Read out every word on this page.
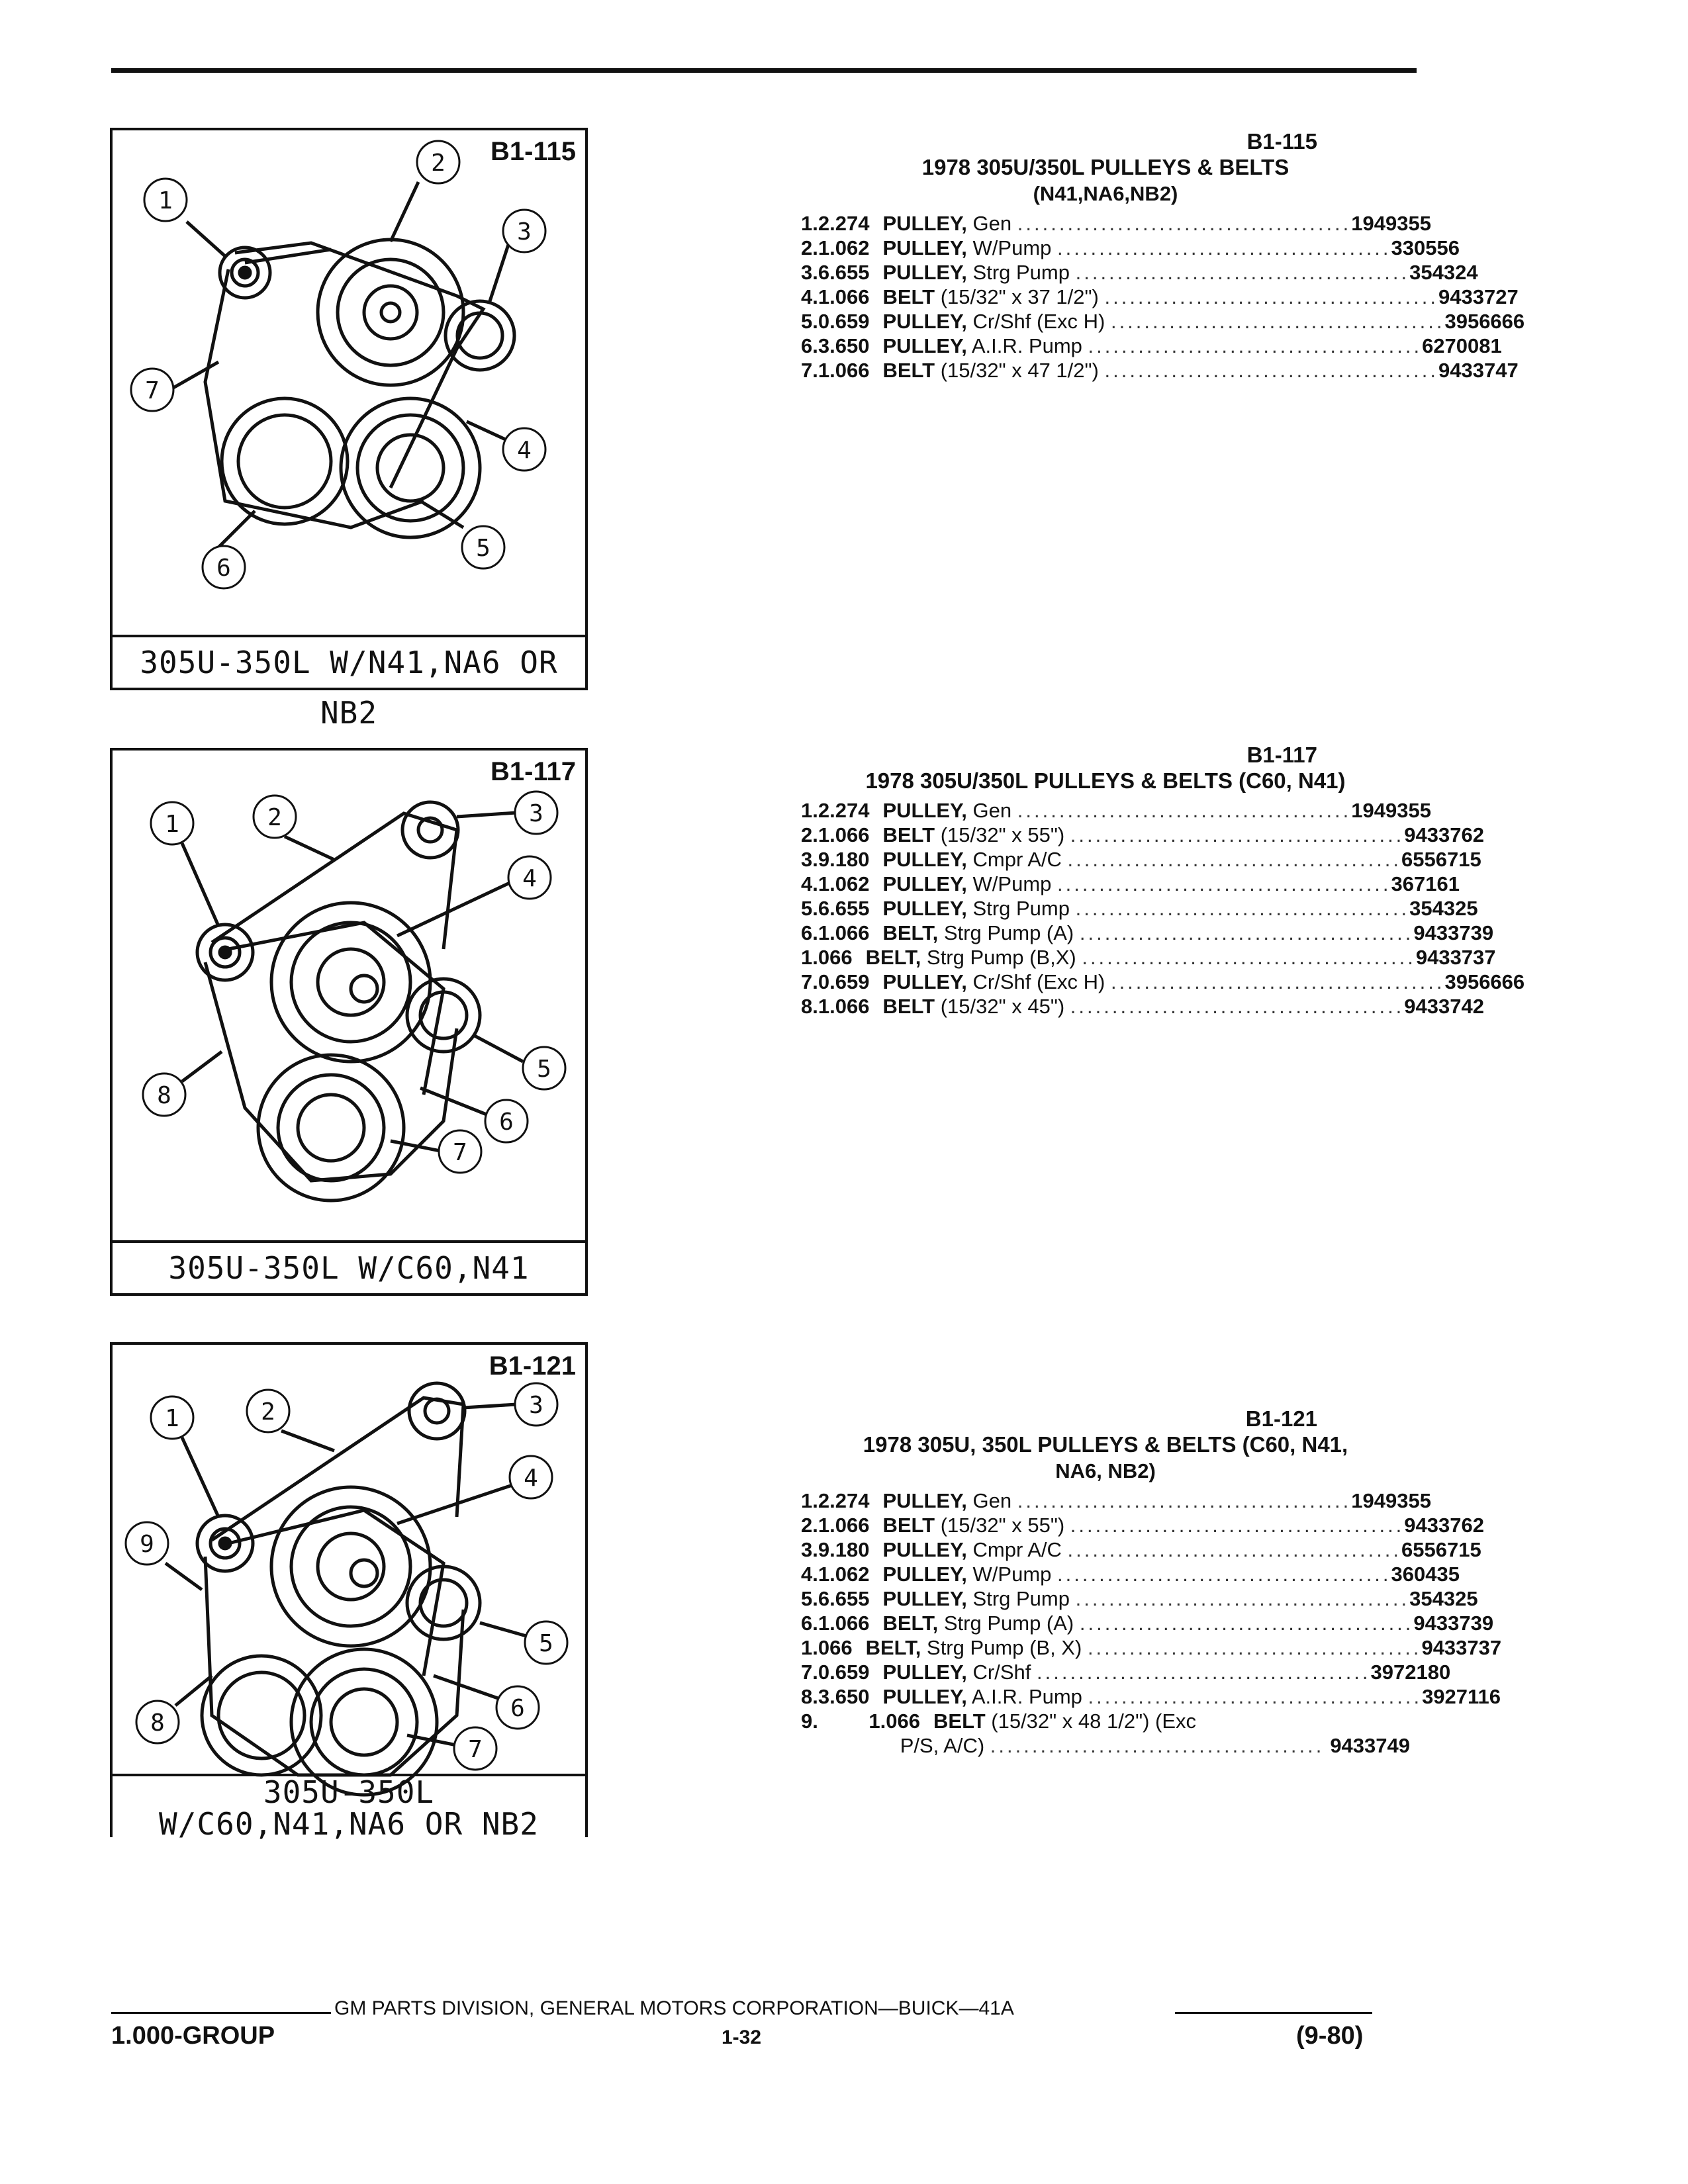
1
2
3
4
5
6
7
B1-115
305U-350L W/N41,NA6 OR NB2
1	2	3
4
5
6
7
8
B1-117
305U-350L W/C60,N41
1	2	3
4
5
6
7
8
9
B1-121
305U-350L
W/C60,N41,NA6 OR NB2
B1-115
1978 305U/350L PULLEYS & BELTS
(N41,NA6,NB2)
1. 2.274 PULLEY, Gen ........................................ 1949355
2. 1.062 PULLEY, W/Pump ........................................ 330556
3. 6.655 PULLEY, Strg Pump ........................................ 354324
4. 1.066 BELT (15/32" x 37 1/2") ........................................ 9433727
5. 0.659 PULLEY, Cr/Shf (Exc H) ........................................ 3956666
6. 3.650 PULLEY, A.I.R. Pump ........................................ 6270081
7. 1.066 BELT (15/32" x 47 1/2") ........................................ 9433747
B1-117
1978 305U/350L PULLEYS & BELTS (C60, N41)
1. 2.274 PULLEY, Gen ........................................ 1949355
2. 1.066 BELT (15/32" x 55") ........................................ 9433762
3. 9.180 PULLEY, Cmpr A/C ........................................ 6556715
4. 1.062 PULLEY, W/Pump ........................................ 367161
5. 6.655 PULLEY, Strg Pump ........................................ 354325
6. 1.066 BELT, Strg Pump (A) ........................................ 9433739
1.066 BELT, Strg Pump (B,X) ........................................ 9433737
7. 0.659 PULLEY, Cr/Shf (Exc H) ........................................ 3956666
8. 1.066 BELT (15/32" x 45") ........................................ 9433742
B1-121
1978 305U, 350L PULLEYS & BELTS (C60, N41,
NA6, NB2)
1. 2.274 PULLEY, Gen ........................................ 1949355
2. 1.066 BELT (15/32" x 55") ........................................ 9433762
3. 9.180 PULLEY, Cmpr A/C ........................................ 6556715
4. 1.062 PULLEY, W/Pump ........................................ 360435
5. 6.655 PULLEY, Strg Pump ........................................ 354325
6. 1.066 BELT, Strg Pump (A) ........................................ 9433739
1.066 BELT, Strg Pump (B, X) ........................................ 9433737
7. 0.659 PULLEY, Cr/Shf ........................................ 3972180
8. 3.650 PULLEY, A.I.R. Pump ........................................ 3927116
9.	1.066 BELT (15/32" x 48 1/2") (Exc
P/S, A/C) ........................................ 9433749
GM PARTS DIVISION, GENERAL MOTORS CORPORATION—BUICK—41A
1.000-GROUP	1-32	(9-80)
